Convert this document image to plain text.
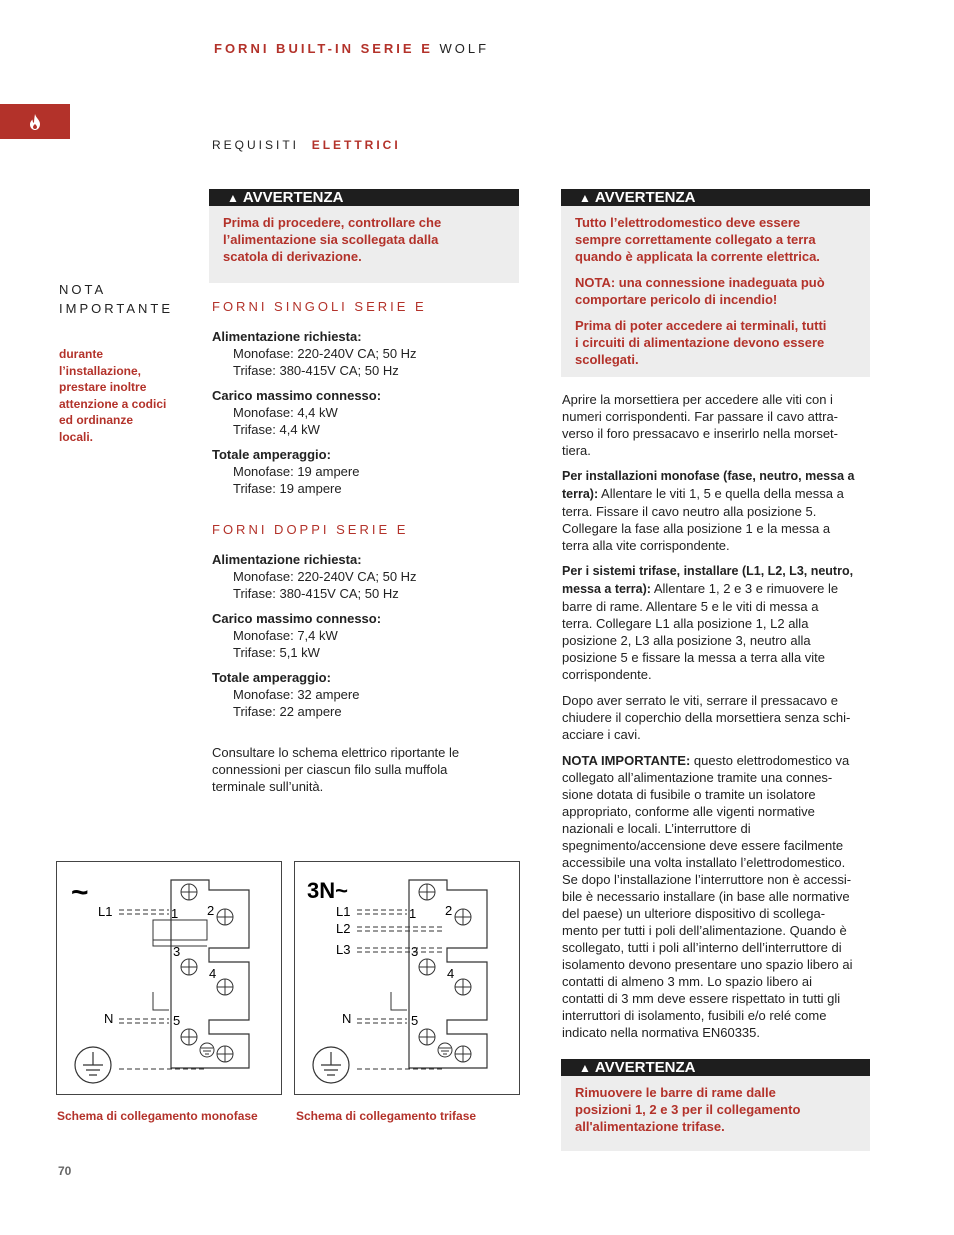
FORNI BUILT-IN SERIE E WOLF
REQUISITI ELETTRICI
NOTA
IMPORTANTE
durante
l’installazione,
prestare inoltre
attenzione a codici
ed ordinanze
locali.
▲ AVVERTENZA
Prima di procedere, controllare che
l’alimentazione sia scollegata dalla
scatola di derivazione.
FORNI SINGOLI SERIE E
Alimentazione richiesta:
Monofase: 220-240V CA; 50 Hz
Trifase: 380-415V CA; 50 Hz
Carico massimo connesso:
Monofase: 4,4 kW
Trifase: 4,4 kW
Totale amperaggio:
Monofase: 19 ampere
Trifase: 19 ampere
FORNI DOPPI SERIE E
Alimentazione richiesta:
Monofase: 220-240V CA; 50 Hz
Trifase: 380-415V CA; 50 Hz
Carico massimo connesso:
Monofase: 7,4 kW
Trifase: 5,1 kW
Totale amperaggio:
Monofase: 32 ampere
Trifase: 22 ampere
Consultare lo schema elettrico riportante le
connessioni per ciascun filo sulla muffola
terminale sull’unità.
▲ AVVERTENZA

Tutto l’elettrodomestico deve essere
sempre correttamente collegato a terra
quando è applicata la corrente elettrica.

NOTA: una connessione inadeguata può
comportare pericolo di incendio!

Prima di poter accedere ai terminali, tutti
i circuiti di alimentazione devono essere
scollegati.

Aprire la morsettiera per accedere alle viti con i
numeri corrispondenti. Far passare il cavo attra-
verso il foro pressacavo e inserirlo nella morset-
tiera.

Per installazioni monofase (fase, neutro, messa a
terra): Allentare le viti 1, 5 e quella della messa a
terra. Fissare il cavo neutro alla posizione 5.
Collegare la fase alla posizione 1 e la messa a
terra alla vite corrispondente.

Per i sistemi trifase, installare (L1, L2, L3, neutro,
messa a terra): Allentare 1, 2 e 3 e rimuovere le
barre di rame. Allentare 5 e le viti di messa a
terra. Collegare L1 alla posizione 1, L2 alla
posizione 2, L3 alla posizione 3, neutro alla
posizione 5 e fissare la messa a terra alla vite
corrispondente.

Dopo aver serrato le viti, serrare il pressacavo e
chiudere il coperchio della morsettiera senza schi-
acciare i cavi.

NOTA IMPORTANTE: questo elettrodomestico va
collegato all’alimentazione tramite una connes-
sione dotata di fusibile o tramite un isolatore
appropriato, conforme alle vigenti normative
nazionali e locali. L’interruttore di
spegnimento/accensione deve essere facilmente
accessibile una volta installato l’elettrodomestico.
Se dopo l’installazione l’interruttore non è accessi-
bile è necessario installare (in base alle normative
del paese) un ulteriore dispositivo di scollega-
mento per tutti i poli dell’alimentazione. Quando è
scollegato, tutti i poli all’interno dell’interruttore di
isolamento devono presentare uno spazio libero ai
contatti di almeno 3 mm. Lo spazio libero ai
contatti di 3 mm deve essere rispettato in tutti gli
interruttori di isolamento, fusibili e/o relé come
indicato nella normativa EN60335.

▲ AVVERTENZA
Rimuovere le barre di rame dalle
posizioni 1, 2 e 3 per il collegamento
all'alimentazione trifase.
~
L1
N
1 2
3
4
5
Schema di collegamento monofase
3N~
L1
L2
L3
N
1 2
3
4
5
Schema di collegamento trifase
70
